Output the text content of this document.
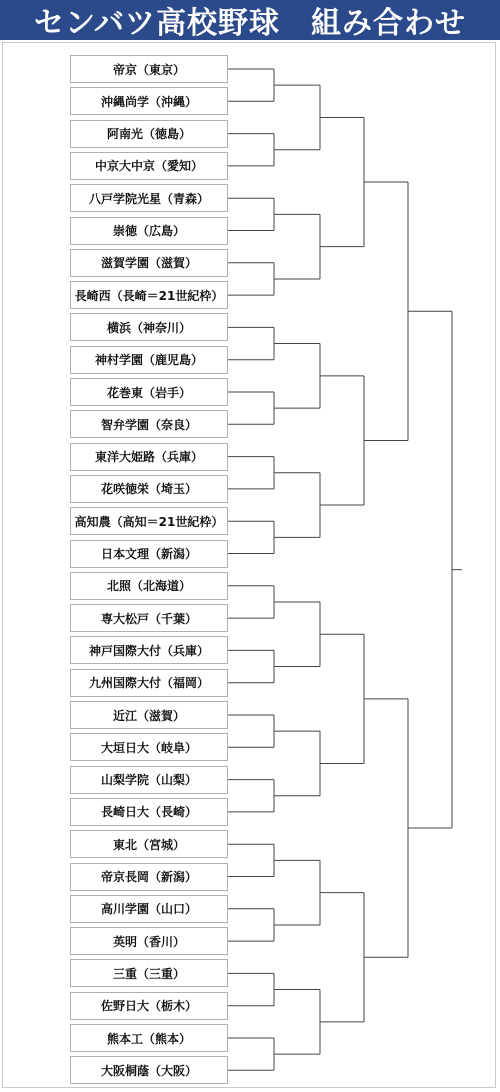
センバツ高校野球　組み合わせ
帝京（東京）
沖縄尚学（沖縄）
阿南光（徳島）
中京大中京（愛知）
八戸学院光星（青森）
崇徳（広島）
滋賀学園（滋賀）
長崎西（長崎＝21世紀枠）
横浜（神奈川）
神村学園（鹿児島）
花巻東（岩手）
智弁学園（奈良）
東洋大姫路（兵庫）
花咲徳栄（埼玉）
高知農（高知＝21世紀枠）
日本文理（新潟）
北照（北海道）
専大松戸（千葉）
神戸国際大付（兵庫）
九州国際大付（福岡）
近江（滋賀）
大垣日大（岐阜）
山梨学院（山梨）
長崎日大（長崎）
東北（宮城）
帝京長岡（新潟）
高川学園（山口）
英明（香川）
三重（三重）
佐野日大（栃木）
熊本工（熊本）
大阪桐蔭（大阪）
